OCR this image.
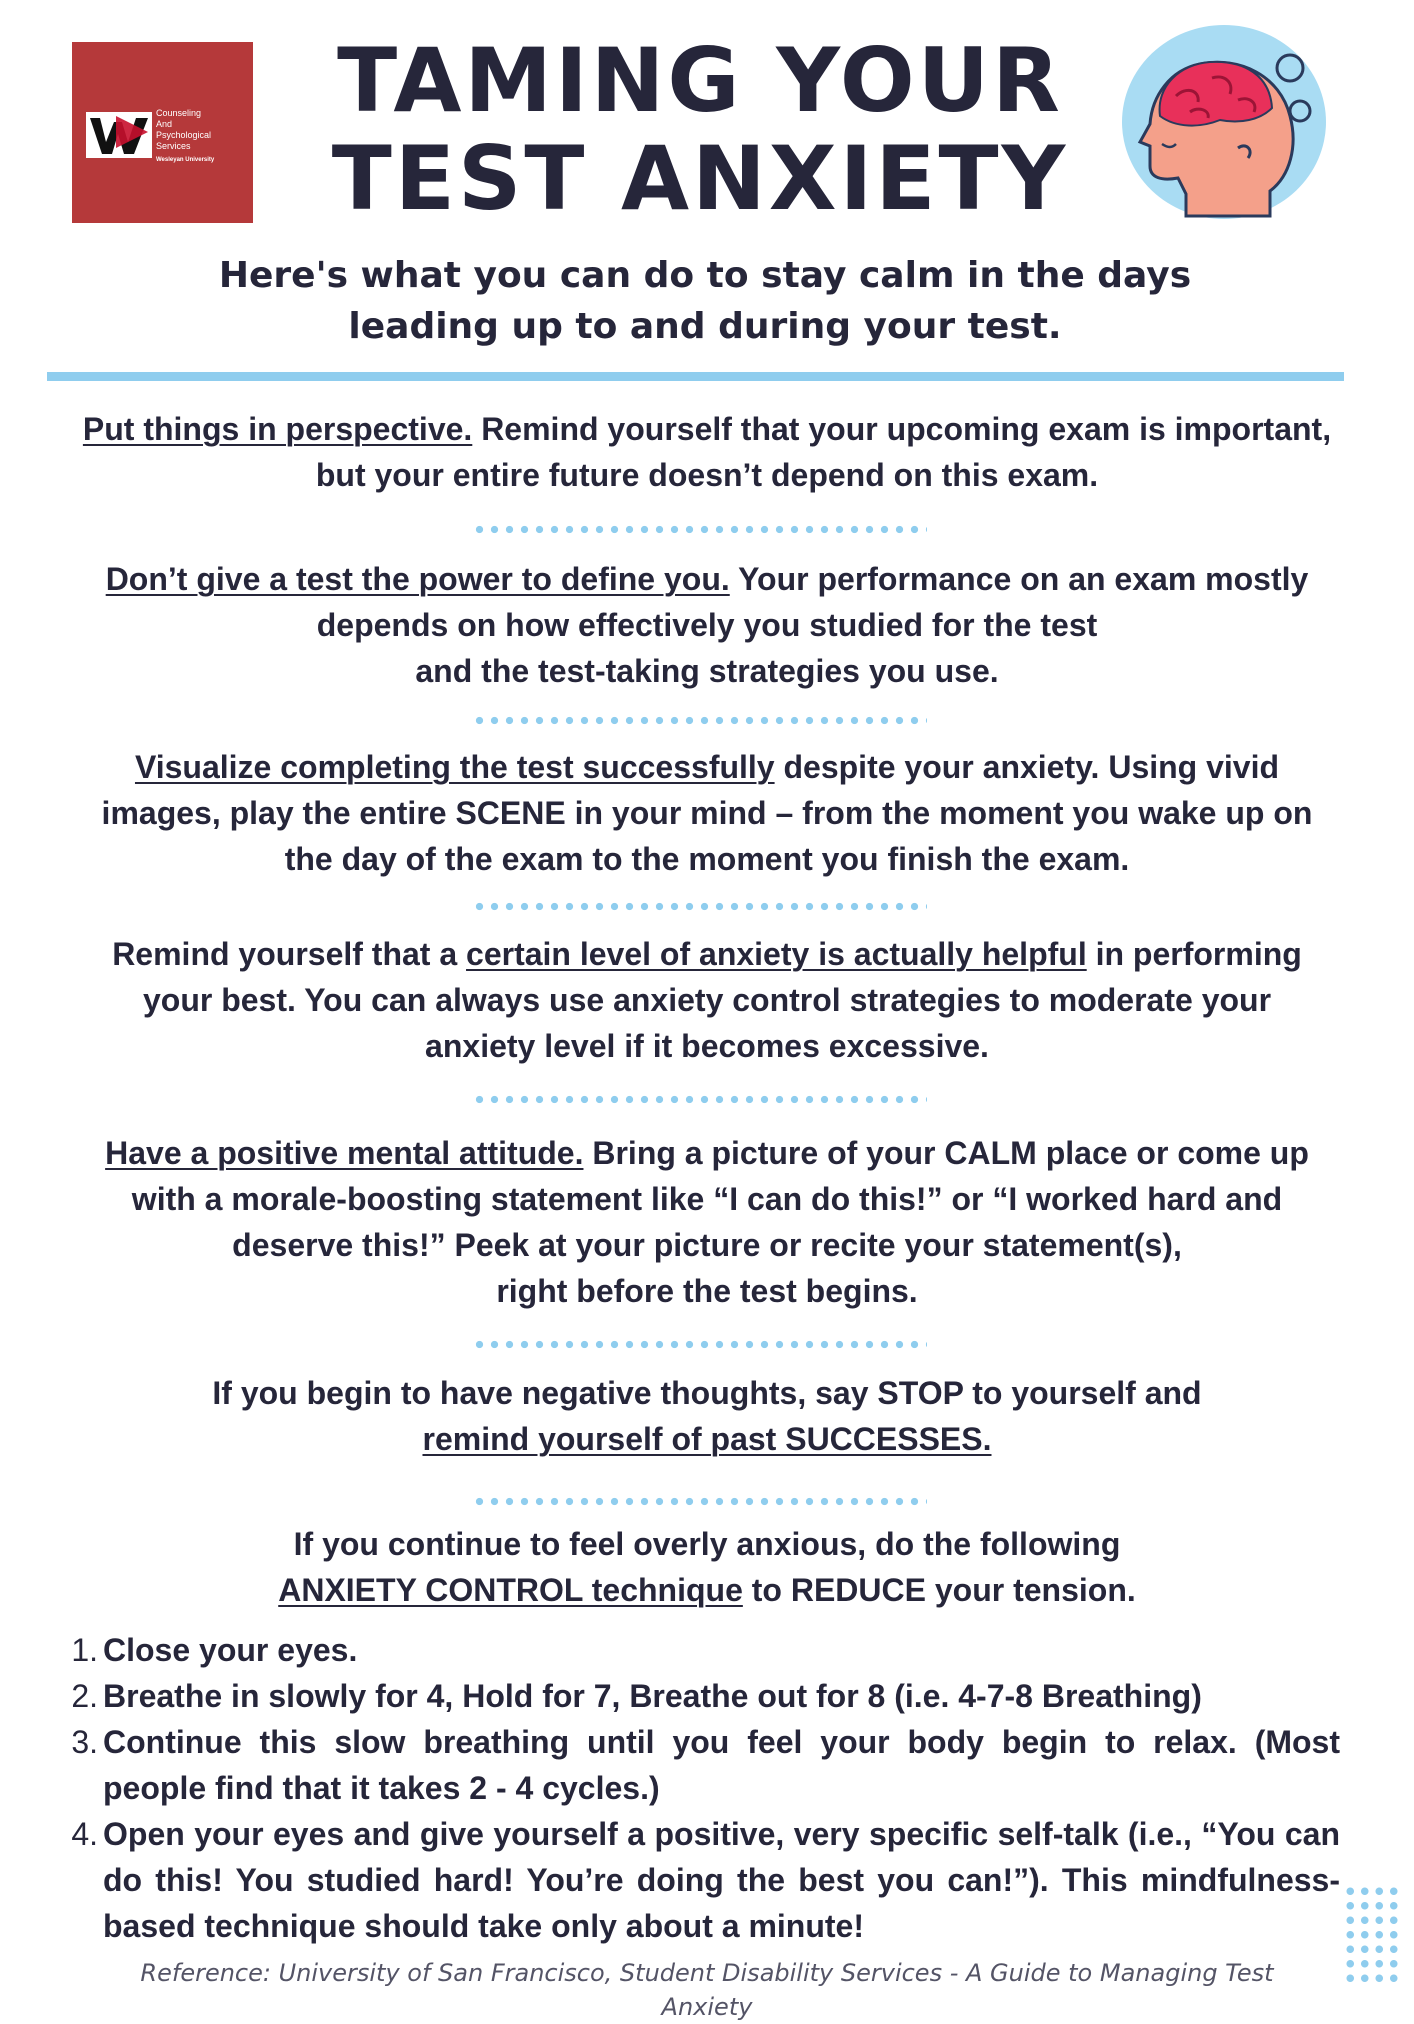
Counseling
And
Psychological
Services
Wesleyan University
TAMING YOUR
TEST ANXIETY

Here's what you can do to stay calm in the days
leading up to and during your test.

Put things in perspective. Remind yourself that your upcoming exam is important,
but your entire future doesn’t depend on this exam.

Don’t give a test the power to define you. Your performance on an exam mostly
depends on how effectively you studied for the test
and the test-taking strategies you use.

Visualize completing the test successfully despite your anxiety. Using vivid
images, play the entire SCENE in your mind – from the moment you wake up on
the day of the exam to the moment you finish the exam.

Remind yourself that a certain level of anxiety is actually helpful in performing
your best. You can always use anxiety control strategies to moderate your
anxiety level if it becomes excessive.

Have a positive mental attitude. Bring a picture of your CALM place or come up
with a morale-boosting statement like “I can do this!” or “I worked hard and
deserve this!” Peek at your picture or recite your statement(s),
right before the test begins.

If you begin to have negative thoughts, say STOP to yourself and
remind yourself of past SUCCESSES.

If you continue to feel overly anxious, do the following
ANXIETY CONTROL technique to REDUCE your tension.

1. Close your eyes.
2. Breathe in slowly for 4, Hold for 7, Breathe out for 8 (i.e. 4-7-8 Breathing)
3. Continue this slow breathing until you feel your body begin to relax. (Most people find that it takes 2 - 4 cycles.)
4. Open your eyes and give yourself a positive, very specific self-talk (i.e., “You can do this! You studied hard! You’re doing the best you can!”). This mindfulness-based technique should take only about a minute!

Reference: University of San Francisco, Student Disability Services - A Guide to Managing Test Anxiety
